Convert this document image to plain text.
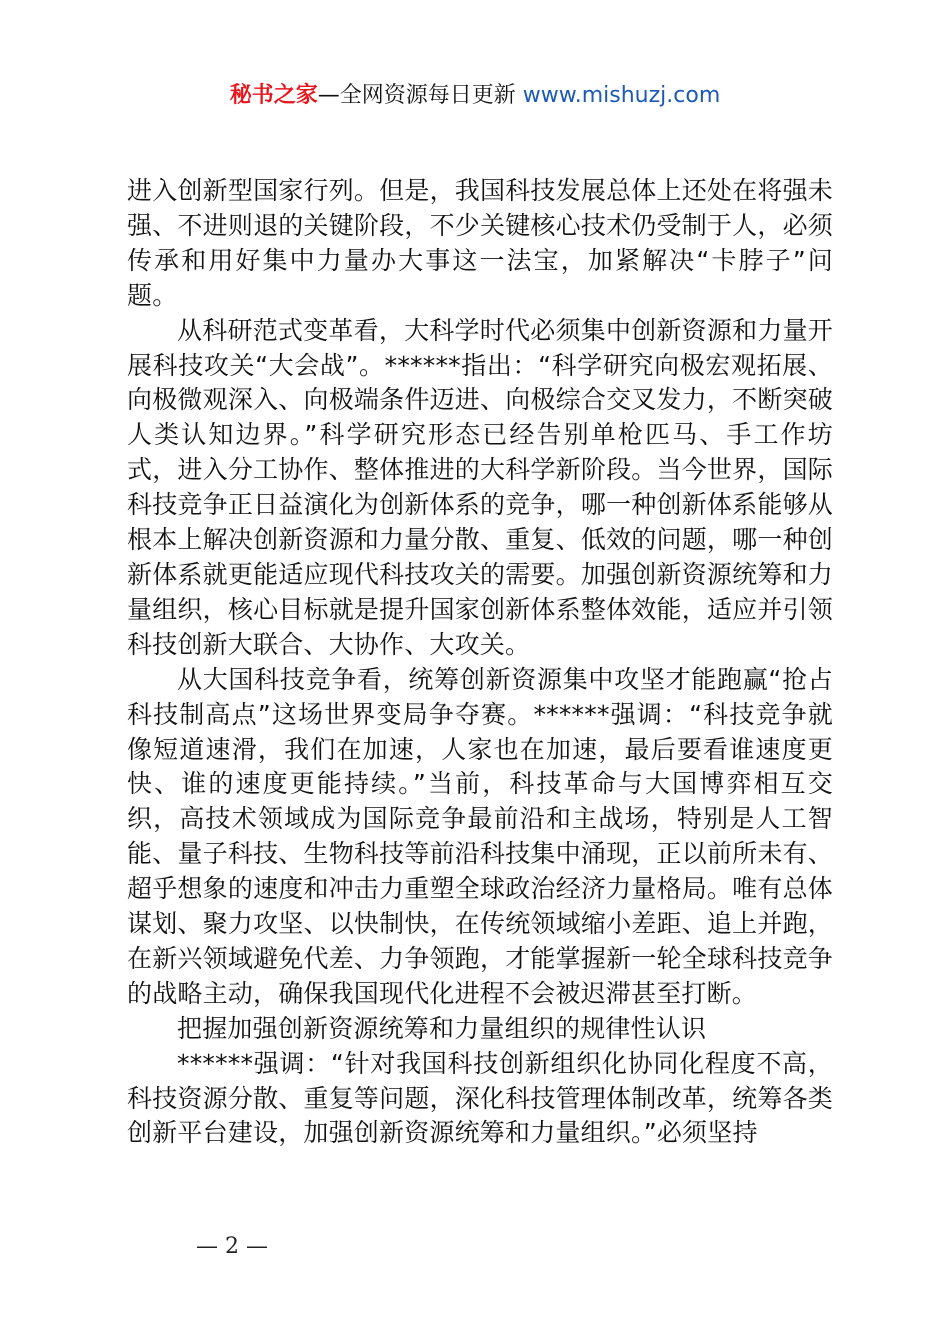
秘书之家—全网资源每日更新 www.mishuzj.com

进入创新型国家行列。但是，我国科技发展总体上还处在将强未强、不进则退的关键阶段，不少关键核心技术仍受制于人，必须传承和用好集中力量办大事这一法宝，加紧解决“卡脖子”问题。

从科研范式变革看，大科学时代必须集中创新资源和力量开展科技攻关“大会战”。******指出：“科学研究向极宏观拓展、向极微观深入、向极端条件迈进、向极综合交叉发力，不断突破人类认知边界。”科学研究形态已经告别单枪匹马、手工作坊式，进入分工协作、整体推进的大科学新阶段。当今世界，国际科技竞争正日益演化为创新体系的竞争，哪一种创新体系能够从根本上解决创新资源和力量分散、重复、低效的问题，哪一种创新体系就更能适应现代科技攻关的需要。加强创新资源统筹和力量组织，核心目标就是提升国家创新体系整体效能，适应并引领科技创新大联合、大协作、大攻关。

从大国科技竞争看，统筹创新资源集中攻坚才能跑赢“抢占科技制高点”这场世界变局争夺赛。******强调：“科技竞争就像短道速滑，我们在加速，人家也在加速，最后要看谁速度更快、谁的速度更能持续。”当前，科技革命与大国博弈相互交织，高技术领域成为国际竞争最前沿和主战场，特别是人工智能、量子科技、生物科技等前沿科技集中涌现，正以前所未有、超乎想象的速度和冲击力重塑全球政治经济力量格局。唯有总体谋划、聚力攻坚、以快制快，在传统领域缩小差距、追上并跑，在新兴领域避免代差、力争领跑，才能掌握新一轮全球科技竞争的战略主动，确保我国现代化进程不会被迟滞甚至打断。

把握加强创新资源统筹和力量组织的规律性认识

******强调：“针对我国科技创新组织化协同化程度不高，科技资源分散、重复等问题，深化科技管理体制改革，统筹各类创新平台建设，加强创新资源统筹和力量组织。”必须坚持

— 2 —
